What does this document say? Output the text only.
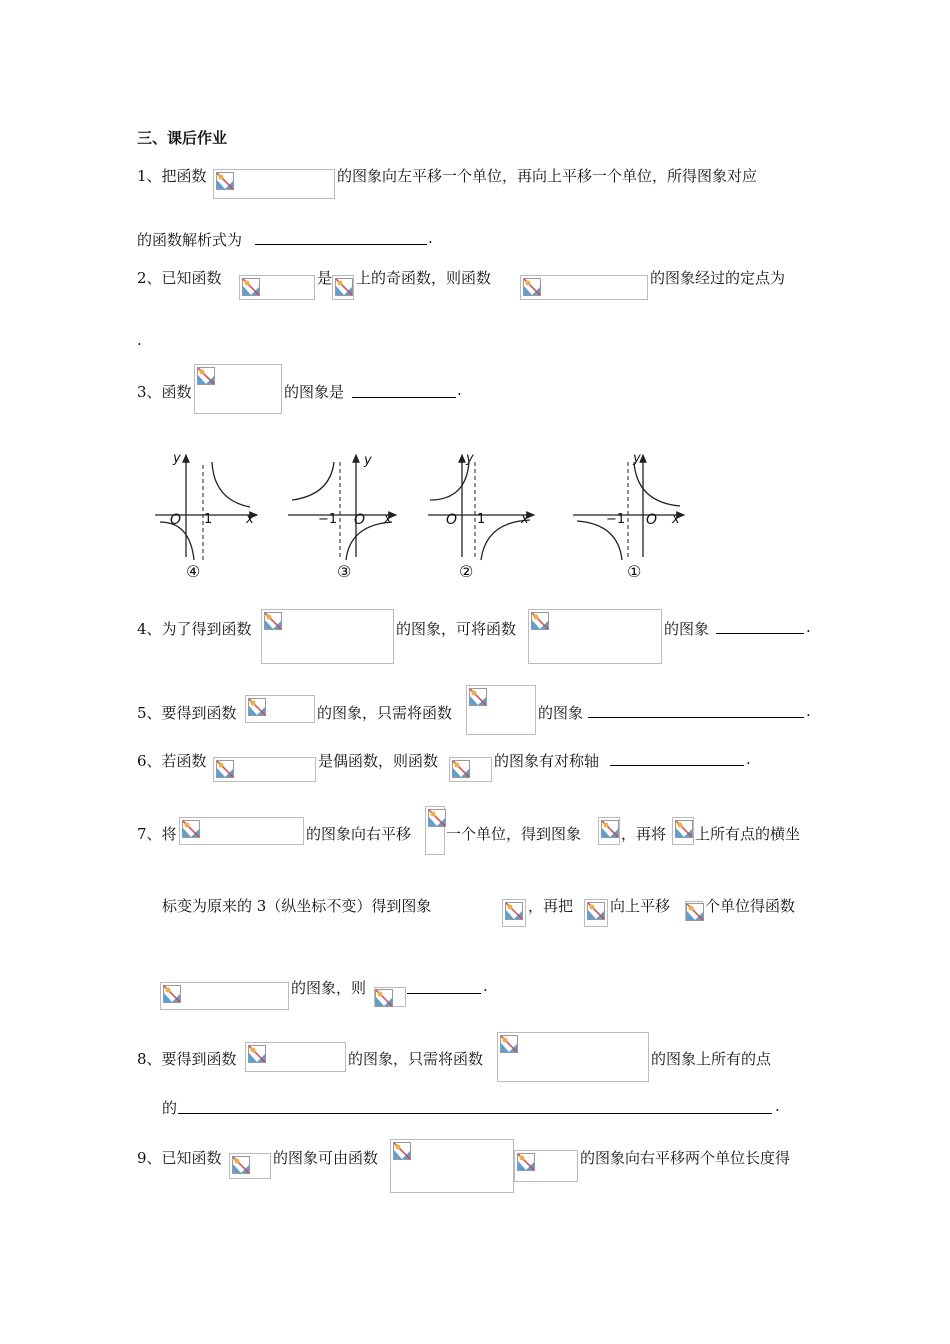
三、课后作业
1、把函数	的图象向左平移一个单位，再向上平移一个单位，所得图象对应
的函数解析式为	.
2、已知函数	是 上的奇函数，则函数	的图象经过的定点为
.
3、函数	的图象是	.
y
x
O 1
④
y
x
O
−1
③
y
x
O 1
②
y
x
O
−1
①
4、为了得到函数	的图象，可将函数	的图象	.
5、要得到函数	的图象，只需将函数	的图象	.
6、若函数	是偶函数，则函数	的图象有对称轴	.
7、将	的图象向右平移 一个单位，得到图象	，再将 上所有点的横坐
标变为原来的 3（纵坐标不变）得到图象	，再把 向上平移 个单位得函数
的图象，则	.
8、要得到函数	的图象，只需将函数	的图象上所有的点
的	.
9、已知函数	的图象可由函数	的图象向右平移两个单位长度得
